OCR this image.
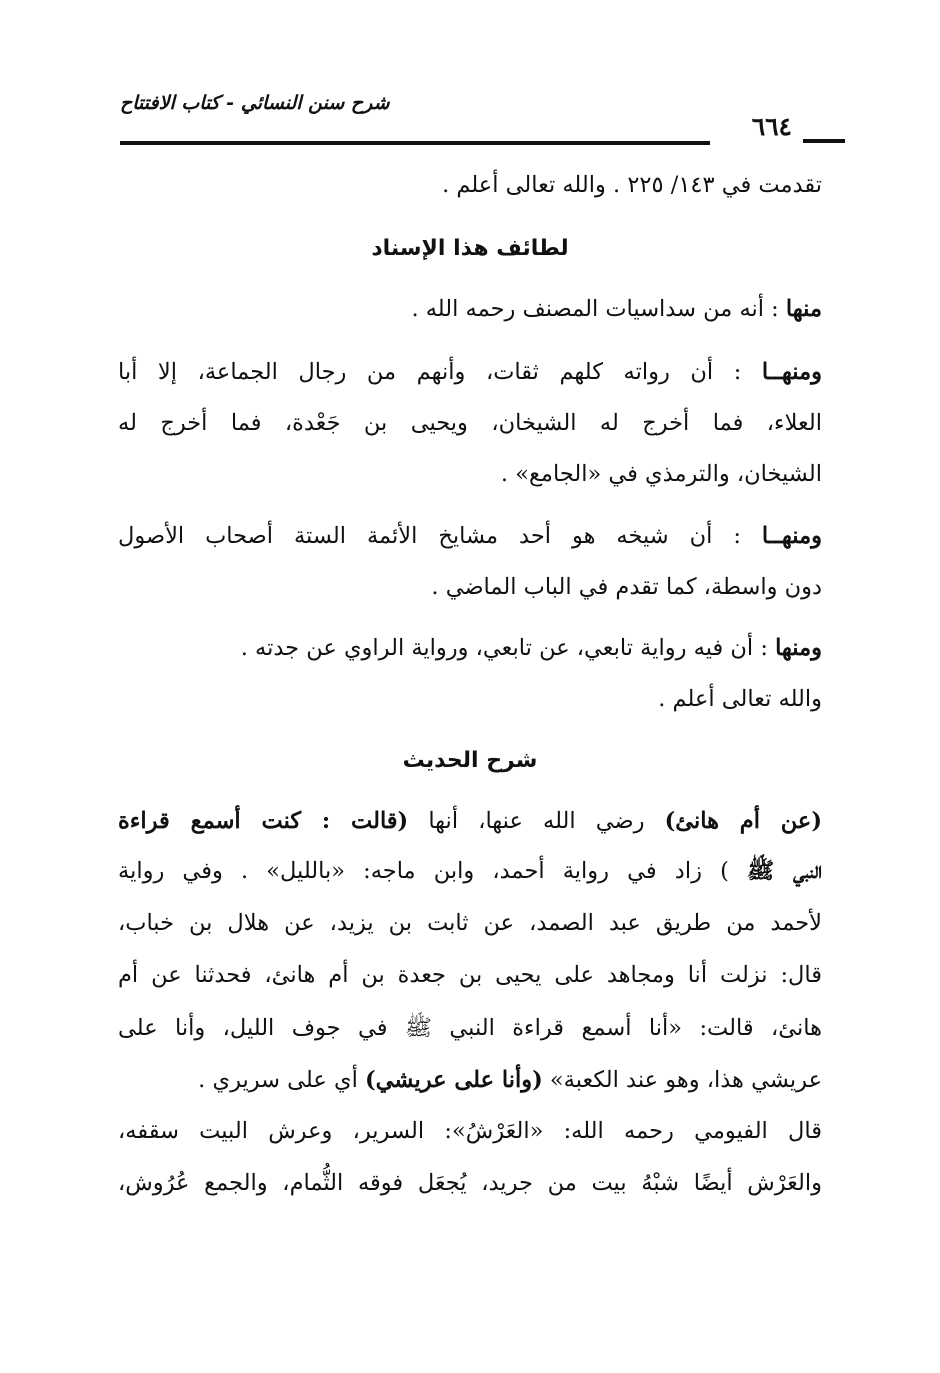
شرح سنن النسائي - كتاب الافتتاح
٦٦٤
تقدمت في ١٤٣/ ٢٢٥ . والله تعالى أعلم .
لطائف هذا الإسناد
منها : أنه من سداسيات المصنف رحمه الله .
ومنهــا : أن رواته كلهم ثقات، وأنهم من رجال الجماعة، إلا أبا
العلاء، فما أخرج له الشيخان، ويحيى بن جَعْدة، فما أخرج له
الشيخان، والترمذي في «الجامع» .
ومنهــا : أن شيخه هو أحد مشايخ الأئمة الستة أصحاب الأصول
دون واسطة، كما تقدم في الباب الماضي .
ومنها : أن فيه رواية تابعي، عن تابعي، ورواية الراوي عن جدته .
والله تعالى أعلم .
شرح الحديث
(عن أم هانئ) رضي الله عنها، أنها (قالت : كنت أسمع قراءة
النبي ﷺ ) زاد في رواية أحمد، وابن ماجه: «بالليل» . وفي رواية
لأحمد من طريق عبد الصمد، عن ثابت بن يزيد، عن هلال بن خباب،
قال: نزلت أنا ومجاهد على يحيى بن جعدة بن أم هانئ، فحدثنا عن أم
هانئ، قالت: «أنا أسمع قراءة النبي ﷺ في جوف الليل، وأنا على
عريشي هذا، وهو عند الكعبة» (وأنا على عريشي) أي على سريري .
قال الفيومي رحمه الله: «العَرْشُ»: السرير، وعرش البيت سقفه،
والعَرْش أيضًا شبْهُ بيت من جريد، يُجعَل فوقه الثُّمام، والجمع عُرُوش،
